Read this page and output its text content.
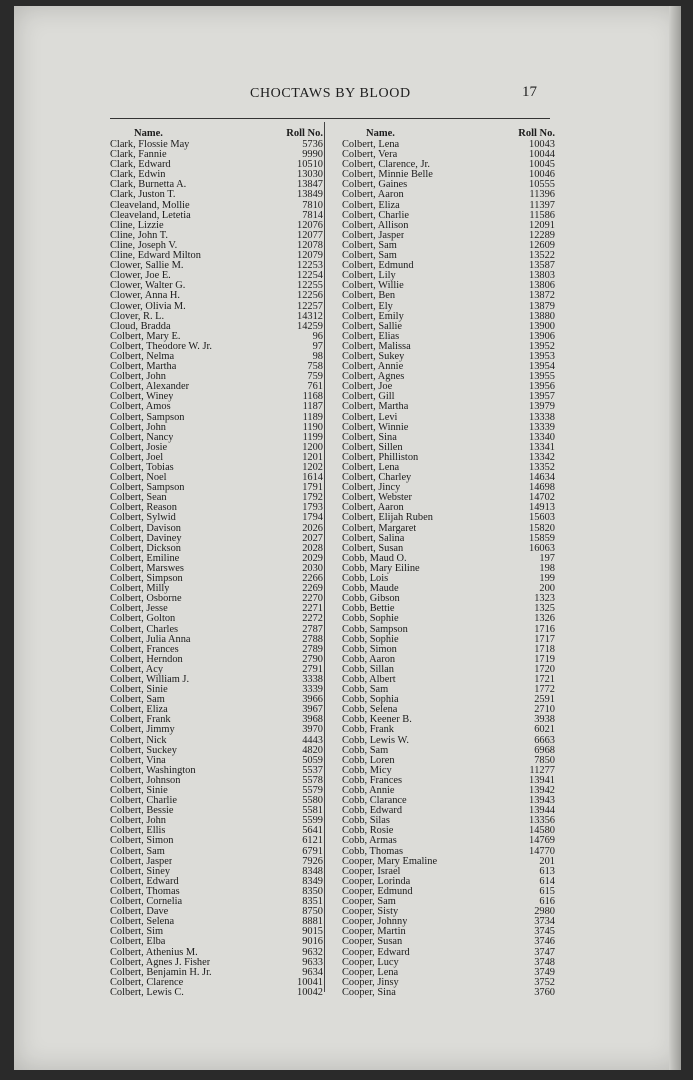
CHOCTAWS BY BLOOD	17
Name.	Roll No.
Clark, Flossie May	5736
Clark, Fannie	9990
Clark, Edward	10510
Clark, Edwin	13030
Clark, Burnetta A.	13847
Clark, Juston T.	13849
Cleaveland, Mollie	7810
Cleaveland, Letetia	7814
Cline, Lizzie	12076
Cline, John T.	12077
Cline, Joseph V.	12078
Cline, Edward Milton	12079
Clower, Sallie M.	12253
Clower, Joe E.	12254
Clower, Walter G.	12255
Clower, Anna H.	12256
Clower, Olivia M.	12257
Clover, R. L.	14312
Cloud, Bradda	14259
Colbert, Mary E.	96
Colbert, Theodore W. Jr.	97
Colbert, Nelma	98
Colbert, Martha	758
Colbert, John	759
Colbert, Alexander	761
Colbert, Winey	1168
Colbert, Amos	1187
Colbert, Sampson	1189
Colbert, John	1190
Colbert, Nancy	1199
Colbert, Josie	1200
Colbert, Joel	1201
Colbert, Tobias	1202
Colbert, Noel	1614
Colbert, Sampson	1791
Colbert, Sean	1792
Colbert, Reason	1793
Colbert, Sylwid	1794
Colbert, Davison	2026
Colbert, Daviney	2027
Colbert, Dickson	2028
Colbert, Emiline	2029
Colbert, Marswes	2030
Colbert, Simpson	2266
Colbert, Milly	2269
Colbert, Osborne	2270
Colbert, Jesse	2271
Colbert, Golton	2272
Colbert, Charles	2787
Colbert, Julia Anna	2788
Colbert, Frances	2789
Colbert, Herndon	2790
Colbert, Acy	2791
Colbert, William J.	3338
Colbert, Sinie	3339
Colbert, Sam	3966
Colbert, Eliza	3967
Colbert, Frank	3968
Colbert, Jimmy	3970
Colbert, Nick	4443
Colbert, Suckey	4820
Colbert, Vina	5059
Colbert, Washington	5537
Colbert, Johnson	5578
Colbert, Sinie	5579
Colbert, Charlie	5580
Colbert, Bessie	5581
Colbert, John	5599
Colbert, Ellis	5641
Colbert, Simon	6121
Colbert, Sam	6791
Colbert, Jasper	7926
Colbert, Siney	8348
Colbert, Edward	8349
Colbert, Thomas	8350
Colbert, Cornelia	8351
Colbert, Dave	8750
Colbert, Selena	8881
Colbert, Sim	9015
Colbert, Elba	9016
Colbert, Athenius M.	9632
Colbert, Agnes J. Fisher	9633
Colbert, Benjamin H. Jr.	9634
Colbert, Clarence	10041
Colbert, Lewis C.	10042
Name.	Roll No.
Colbert, Lena	10043
Colbert, Vera	10044
Colbert, Clarence, Jr.	10045
Colbert, Minnie Belle	10046
Colbert, Gaines	10555
Colbert, Aaron	11396
Colbert, Eliza	11397
Colbert, Charlie	11586
Colbert, Allison	12091
Colbert, Jasper	12289
Colbert, Sam	12609
Colbert, Sam	13522
Colbert, Edmund	13587
Colbert, Lily	13803
Colbert, Willie	13806
Colbert, Ben	13872
Colbert, Ely	13879
Colbert, Emily	13880
Colbert, Sallie	13900
Colbert, Elias	13906
Colbert, Malissa	13952
Colbert, Sukey	13953
Colbert, Annie	13954
Colbert, Agnes	13955
Colbert, Joe	13956
Colbert, Gill	13957
Colbert, Martha	13979
Colbert, Levi	13338
Colbert, Winnie	13339
Colbert, Sina	13340
Colbert, Sillen	13341
Colbert, Philliston	13342
Colbert, Lena	13352
Colbert, Charley	14634
Colbert, Jincy	14698
Colbert, Webster	14702
Colbert, Aaron	14913
Colbert, Elijah Ruben	15603
Colbert, Margaret	15820
Colbert, Salina	15859
Colbert, Susan	16063
Cobb, Maud O.	197
Cobb, Mary Eiline	198
Cobb, Lois	199
Cobb, Maude	200
Cobb, Gibson	1323
Cobb, Bettie	1325
Cobb, Sophie	1326
Cobb, Sampson	1716
Cobb, Sophie	1717
Cobb, Simon	1718
Cobb, Aaron	1719
Cobb, Sillan	1720
Cobb, Albert	1721
Cobb, Sam	1772
Cobb, Sophia	2591
Cobb, Selena	2710
Cobb, Keener B.	3938
Cobb, Frank	6021
Cobb, Lewis W.	6663
Cobb, Sam	6968
Cobb, Loren	7850
Cobb, Micy	11277
Cobb, Frances	13941
Cobb, Annie	13942
Cobb, Clarance	13943
Cobb, Edward	13944
Cobb, Silas	13356
Cobb, Rosie	14580
Cobb, Armas	14769
Cobb, Thomas	14770
Cooper, Mary Emaline	201
Cooper, Israel	613
Cooper, Lorinda	614
Cooper, Edmund	615
Cooper, Sam	616
Cooper, Sisty	2980
Cooper, Johnny	3734
Cooper, Martin	3745
Cooper, Susan	3746
Cooper, Edward	3747
Cooper, Lucy	3748
Cooper, Lena	3749
Cooper, Jinsy	3752
Cooper, Sina	3760
